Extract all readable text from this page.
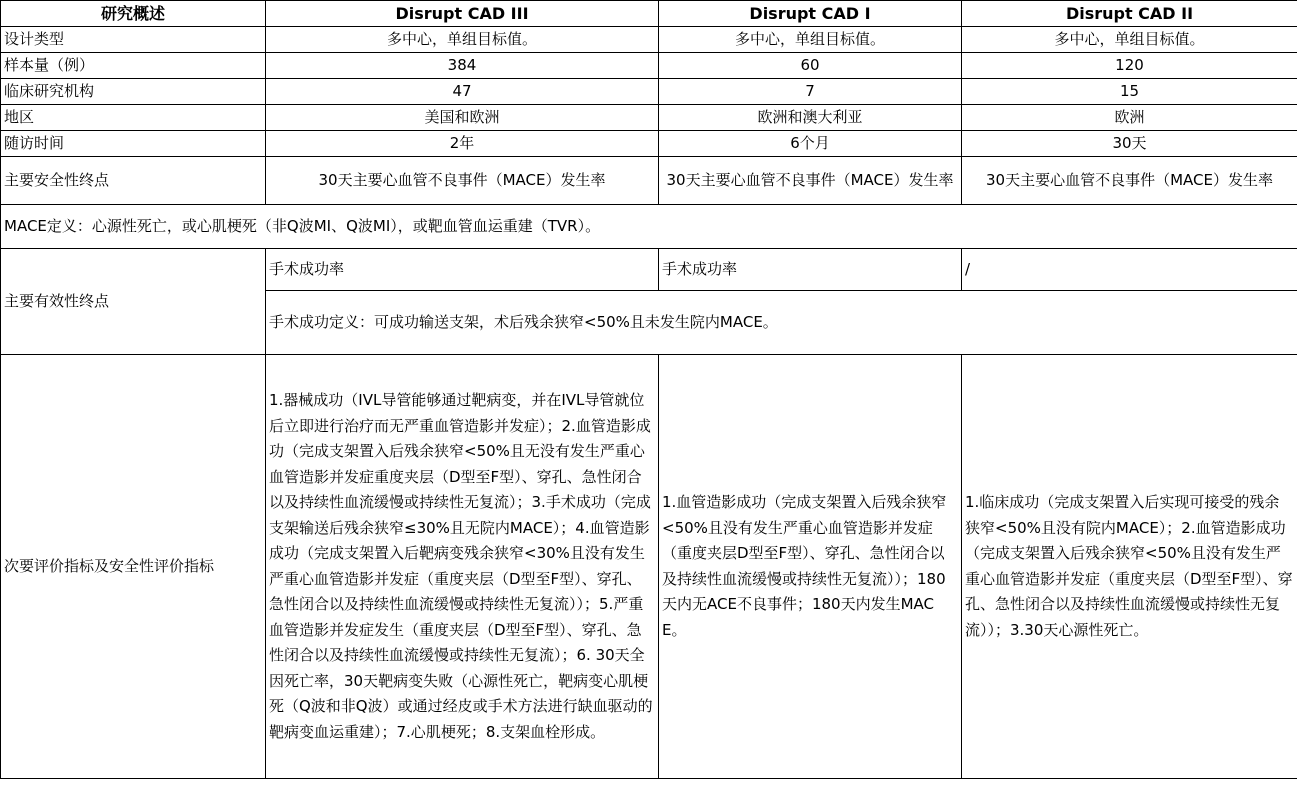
研究概述	Disrupt CAD III	Disrupt CAD I	Disrupt CAD II
设计类型	多中心，单组目标值。	多中心，单组目标值。	多中心，单组目标值。
样本量（例）	384	60	120
临床研究机构	47	7	15
地区	美国和欧洲	欧洲和澳大利亚	欧洲
随访时间	2年	6个月	30天
主要安全性终点	30天主要心血管不良事件（MACE）发生率	30天主要心血管不良事件（MACE）发生率	30天主要心血管不良事件（MACE）发生率
MACE定义：心源性死亡，或心肌梗死（非Q波MI、Q波MI），或靶血管血运重建（TVR）。			
主要有效性终点	手术成功率	手术成功率	/
	手术成功定义：可成功输送支架，术后残余狭窄<50%且未发生院内MACE。		
次要评价指标及安全性评价指标	1.器械成功（IVL导管能够通过靶病变，并在IVL导管就位后立即进行治疗而无严重血管造影并发症）；2.血管造影成功（完成支架置入后残余狭窄<50%且无没有发生严重心血管造影并发症重度夹层（D型至F型）、穿孔、急性闭合以及持续性血流缓慢或持续性无复流）；3.手术成功（完成支架输送后残余狭窄≤30%且无院内MACE）；4.血管造影成功（完成支架置入后靶病变残余狭窄<30%且没有发生严重心血管造影并发症（重度夹层（D型至F型）、穿孔、急性闭合以及持续性血流缓慢或持续性无复流））；5.严重血管造影并发症发生（重度夹层（D型至F型）、穿孔、急性闭合以及持续性血流缓慢或持续性无复流）；6. 30天全因死亡率，30天靶病变失败（心源性死亡，靶病变心肌梗死（Q波和非Q波）或通过经皮或手术方法进行缺血驱动的靶病变血运重建）；7.心肌梗死；8.支架血栓形成。	1.血管造影成功（完成支架置入后残余狭窄<50%且没有发生严重心血管造影并发症（重度夹层D型至F型）、穿孔、急性闭合以及持续性血流缓慢或持续性无复流））；180天内无ACE不良事件；180天内发生MACE。	1.临床成功（完成支架置入后实现可接受的残余狭窄<50%且没有院内MACE）；2.血管造影成功（完成支架置入后残余狭窄<50%且没有发生严重心血管造影并发症（重度夹层（D型至F型）、穿孔、急性闭合以及持续性血流缓慢或持续性无复流））；3.30天心源性死亡。
